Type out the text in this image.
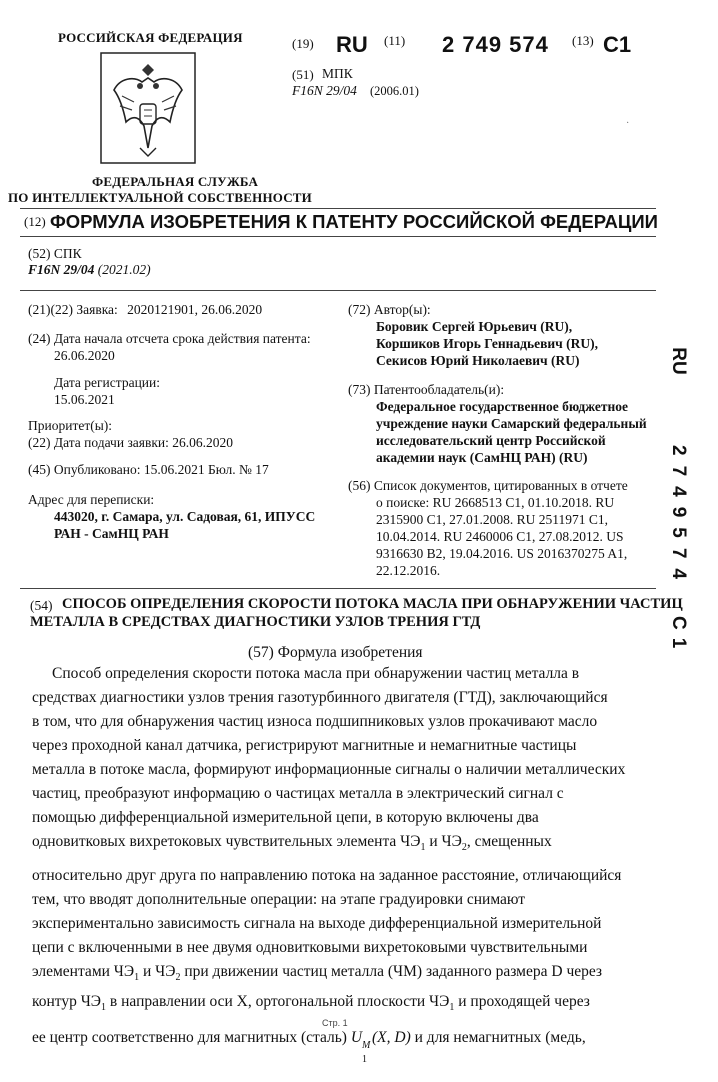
РОССИЙСКАЯ ФЕДЕРАЦИЯ
ФЕДЕРАЛЬНАЯ СЛУЖБА
ПО ИНТЕЛЛЕКТУАЛЬНОЙ СОБСТВЕННОСТИ
(19) RU (11) 2 749 574 (13) C1
(51) МПК
F16N 29/04 (2006.01)
·
(12) ФОРМУЛА ИЗОБРЕТЕНИЯ К ПАТЕНТУ РОССИЙСКОЙ ФЕДЕРАЦИИ
(52) СПК
F16N 29/04 (2021.02)
(21)(22) Заявка: 2020121901, 26.06.2020
(24) Дата начала отсчета срока действия патента:
26.06.2020
Дата регистрации:
15.06.2021
Приоритет(ы):
(22) Дата подачи заявки: 26.06.2020
(45) Опубликовано: 15.06.2021 Бюл. № 17
Адрес для переписки:
443020, г. Самара, ул. Садовая, 61, ИПУСС
РАН - СамНЦ РАН
(72) Автор(ы):
Боровик Сергей Юрьевич (RU),
Коршиков Игорь Геннадьевич (RU),
Секисов Юрий Николаевич (RU)
(73) Патентообладатель(и):
Федеральное государственное бюджетное
учреждение науки Самарский федеральный
исследовательский центр Российской
академии наук (СамНЦ РАН) (RU)
(56) Список документов, цитированных в отчете
о поиске: RU 2668513 C1, 01.10.2018. RU
2315900 C1, 27.01.2008. RU 2511971 C1,
10.04.2014. RU 2460006 C1, 27.08.2012. US
9316630 B2, 19.04.2016. US 2016370275 A1,
22.12.2016.
RU
2749574
C1
(54) СПОСОБ ОПРЕДЕЛЕНИЯ СКОРОСТИ ПОТОКА МАСЛА ПРИ ОБНАРУЖЕНИИ ЧАСТИЦ
МЕТАЛЛА В СРЕДСТВАХ ДИАГНОСТИКИ УЗЛОВ ТРЕНИЯ ГТД
(57) Формула изобретения
Способ определения скорости потока масла при обнаружении частиц металла в
средствах диагностики узлов трения газотурбинного двигателя (ГТД), заключающийся
в том, что для обнаружения частиц износа подшипниковых узлов прокачивают масло
через проходной канал датчика, регистрируют магнитные и немагнитные частицы
металла в потоке масла, формируют информационные сигналы о наличии металлических
частиц, преобразуют информацию о частицах металла в электрический сигнал с
помощью дифференциальной измерительной цепи, в которую включены два
одновитковых вихретоковых чувствительных элемента $ЧЭ_1$ и $ЧЭ_2$, смещенных
относительно друг друга по направлению потока на заданное расстояние, отличающийся
тем, что вводят дополнительные операции: на этапе градуировки снимают
экспериментально зависимость сигнала на выходе дифференциальной измерительной
цепи с включенными в нее двумя одновитковыми вихретоковыми чувствительными
элементами $ЧЭ_1$ и $ЧЭ_2$ при движении частиц металла (ЧМ) заданного размера D через
контур $ЧЭ_1$ в направлении оси X, ортогональной плоскости $ЧЭ_1$ и проходящей через
ее центр соответственно для магнитных (сталь) U M
1
(X, D) и для немагнитных (медь,
Стр. 1
